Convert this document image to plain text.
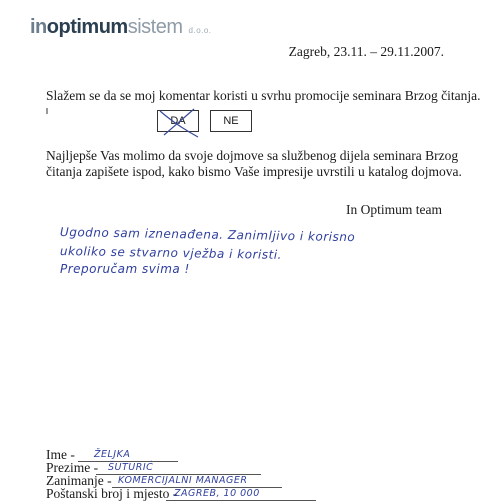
inoptimumsistem d.o.o.
Zagreb, 23.11. – 29.11.2007.
Slažem se da se moj komentar koristi u svrhu promocije seminara Brzog čitanja.
DA	NE
Najljepše Vas molimo da svoje dojmove sa službenog dijela seminara Brzog čitanja zapišete ispod, kako bismo Vaše impresije uvrstili u katalog dojmova.
In Optimum team
Ugodno sam iznenađena. Zanimljivo i korisno
ukoliko se stvarno vježba i koristi.
Preporučam svima !
Ime - ŽELJKA
Prezime - ŠUTURIĆ
Zanimanje - KOMERCIJALNI MANAGER
Poštanski broj i mjesto -
ZAGREB, 10 000
